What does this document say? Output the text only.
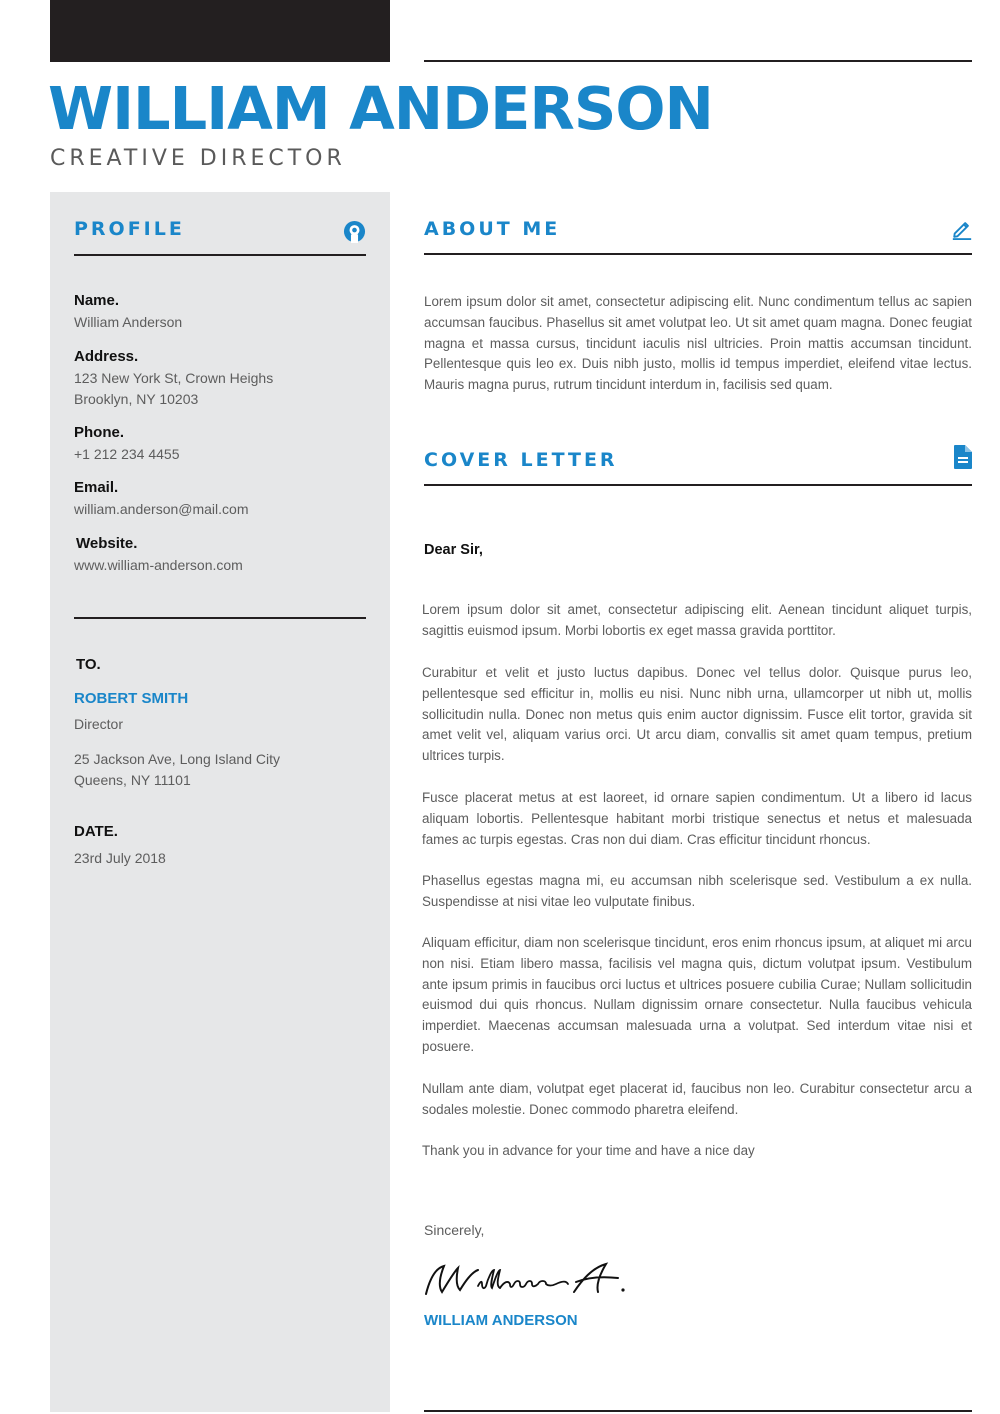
WILLIAM ANDERSON
CREATIVE DIRECTOR
PROFILE
Name.
William Anderson
Address.
123 New York St, Crown Heighs
Brooklyn, NY 10203
Phone.
+1 212 234 4455
Email.
william.anderson@mail.com
Website.
www.william-anderson.com
TO.
ROBERT SMITH
Director
25 Jackson Ave, Long Island City
Queens, NY 11101
DATE.
23rd July 2018
ABOUT ME
Lorem ipsum dolor sit amet, consectetur adipiscing elit. Nunc condimentum tellus ac sapien accumsan faucibus. Phasellus sit amet volutpat leo. Ut sit amet quam magna. Donec feugiat magna et massa cursus, tincidunt iaculis nisl ultricies. Proin mattis accumsan tincidunt. Pellentesque quis leo ex. Duis nibh justo, mollis id tempus imperdiet, eleifend vitae lectus. Mauris magna purus, rutrum tincidunt interdum in, facilisis sed quam.
COVER LETTER
Dear Sir,
Lorem ipsum dolor sit amet, consectetur adipiscing elit. Aenean tincidunt aliquet turpis, sagittis euismod ipsum. Morbi lobortis ex eget massa gravida porttitor.
Curabitur et velit et justo luctus dapibus. Donec vel tellus dolor. Quisque purus leo, pellentesque sed efficitur in, mollis eu nisi. Nunc nibh urna, ullamcorper ut nibh ut, mollis sollicitudin nulla. Donec non metus quis enim auctor dignissim. Fusce elit tortor, gravida sit amet velit vel, aliquam varius orci. Ut arcu diam, convallis sit amet quam tempus, pretium ultrices turpis.
Fusce placerat metus at est laoreet, id ornare sapien condimentum. Ut a libero id lacus aliquam lobortis. Pellentesque habitant morbi tristique senectus et netus et malesuada fames ac turpis egestas. Cras non dui diam. Cras efficitur tincidunt rhoncus.
Phasellus egestas magna mi, eu accumsan nibh scelerisque sed. Vestibulum a ex nulla. Suspendisse at nisi vitae leo vulputate finibus.
Aliquam efficitur, diam non scelerisque tincidunt, eros enim rhoncus ipsum, at aliquet mi arcu non nisi. Etiam libero massa, facilisis vel magna quis, dictum volutpat ipsum. Vestibulum ante ipsum primis in faucibus orci luctus et ultrices posuere cubilia Curae; Nullam sollicitudin euismod dui quis rhoncus. Nullam dignissim ornare consectetur. Nulla faucibus vehicula imperdiet. Maecenas accumsan malesuada urna a volutpat. Sed interdum vitae nisi et posuere.
Nullam ante diam, volutpat eget placerat id, faucibus non leo. Curabitur consectetur arcu a sodales molestie. Donec commodo pharetra eleifend.
Thank you in advance for your time and have a nice day
Sincerely,
WILLIAM ANDERSON
